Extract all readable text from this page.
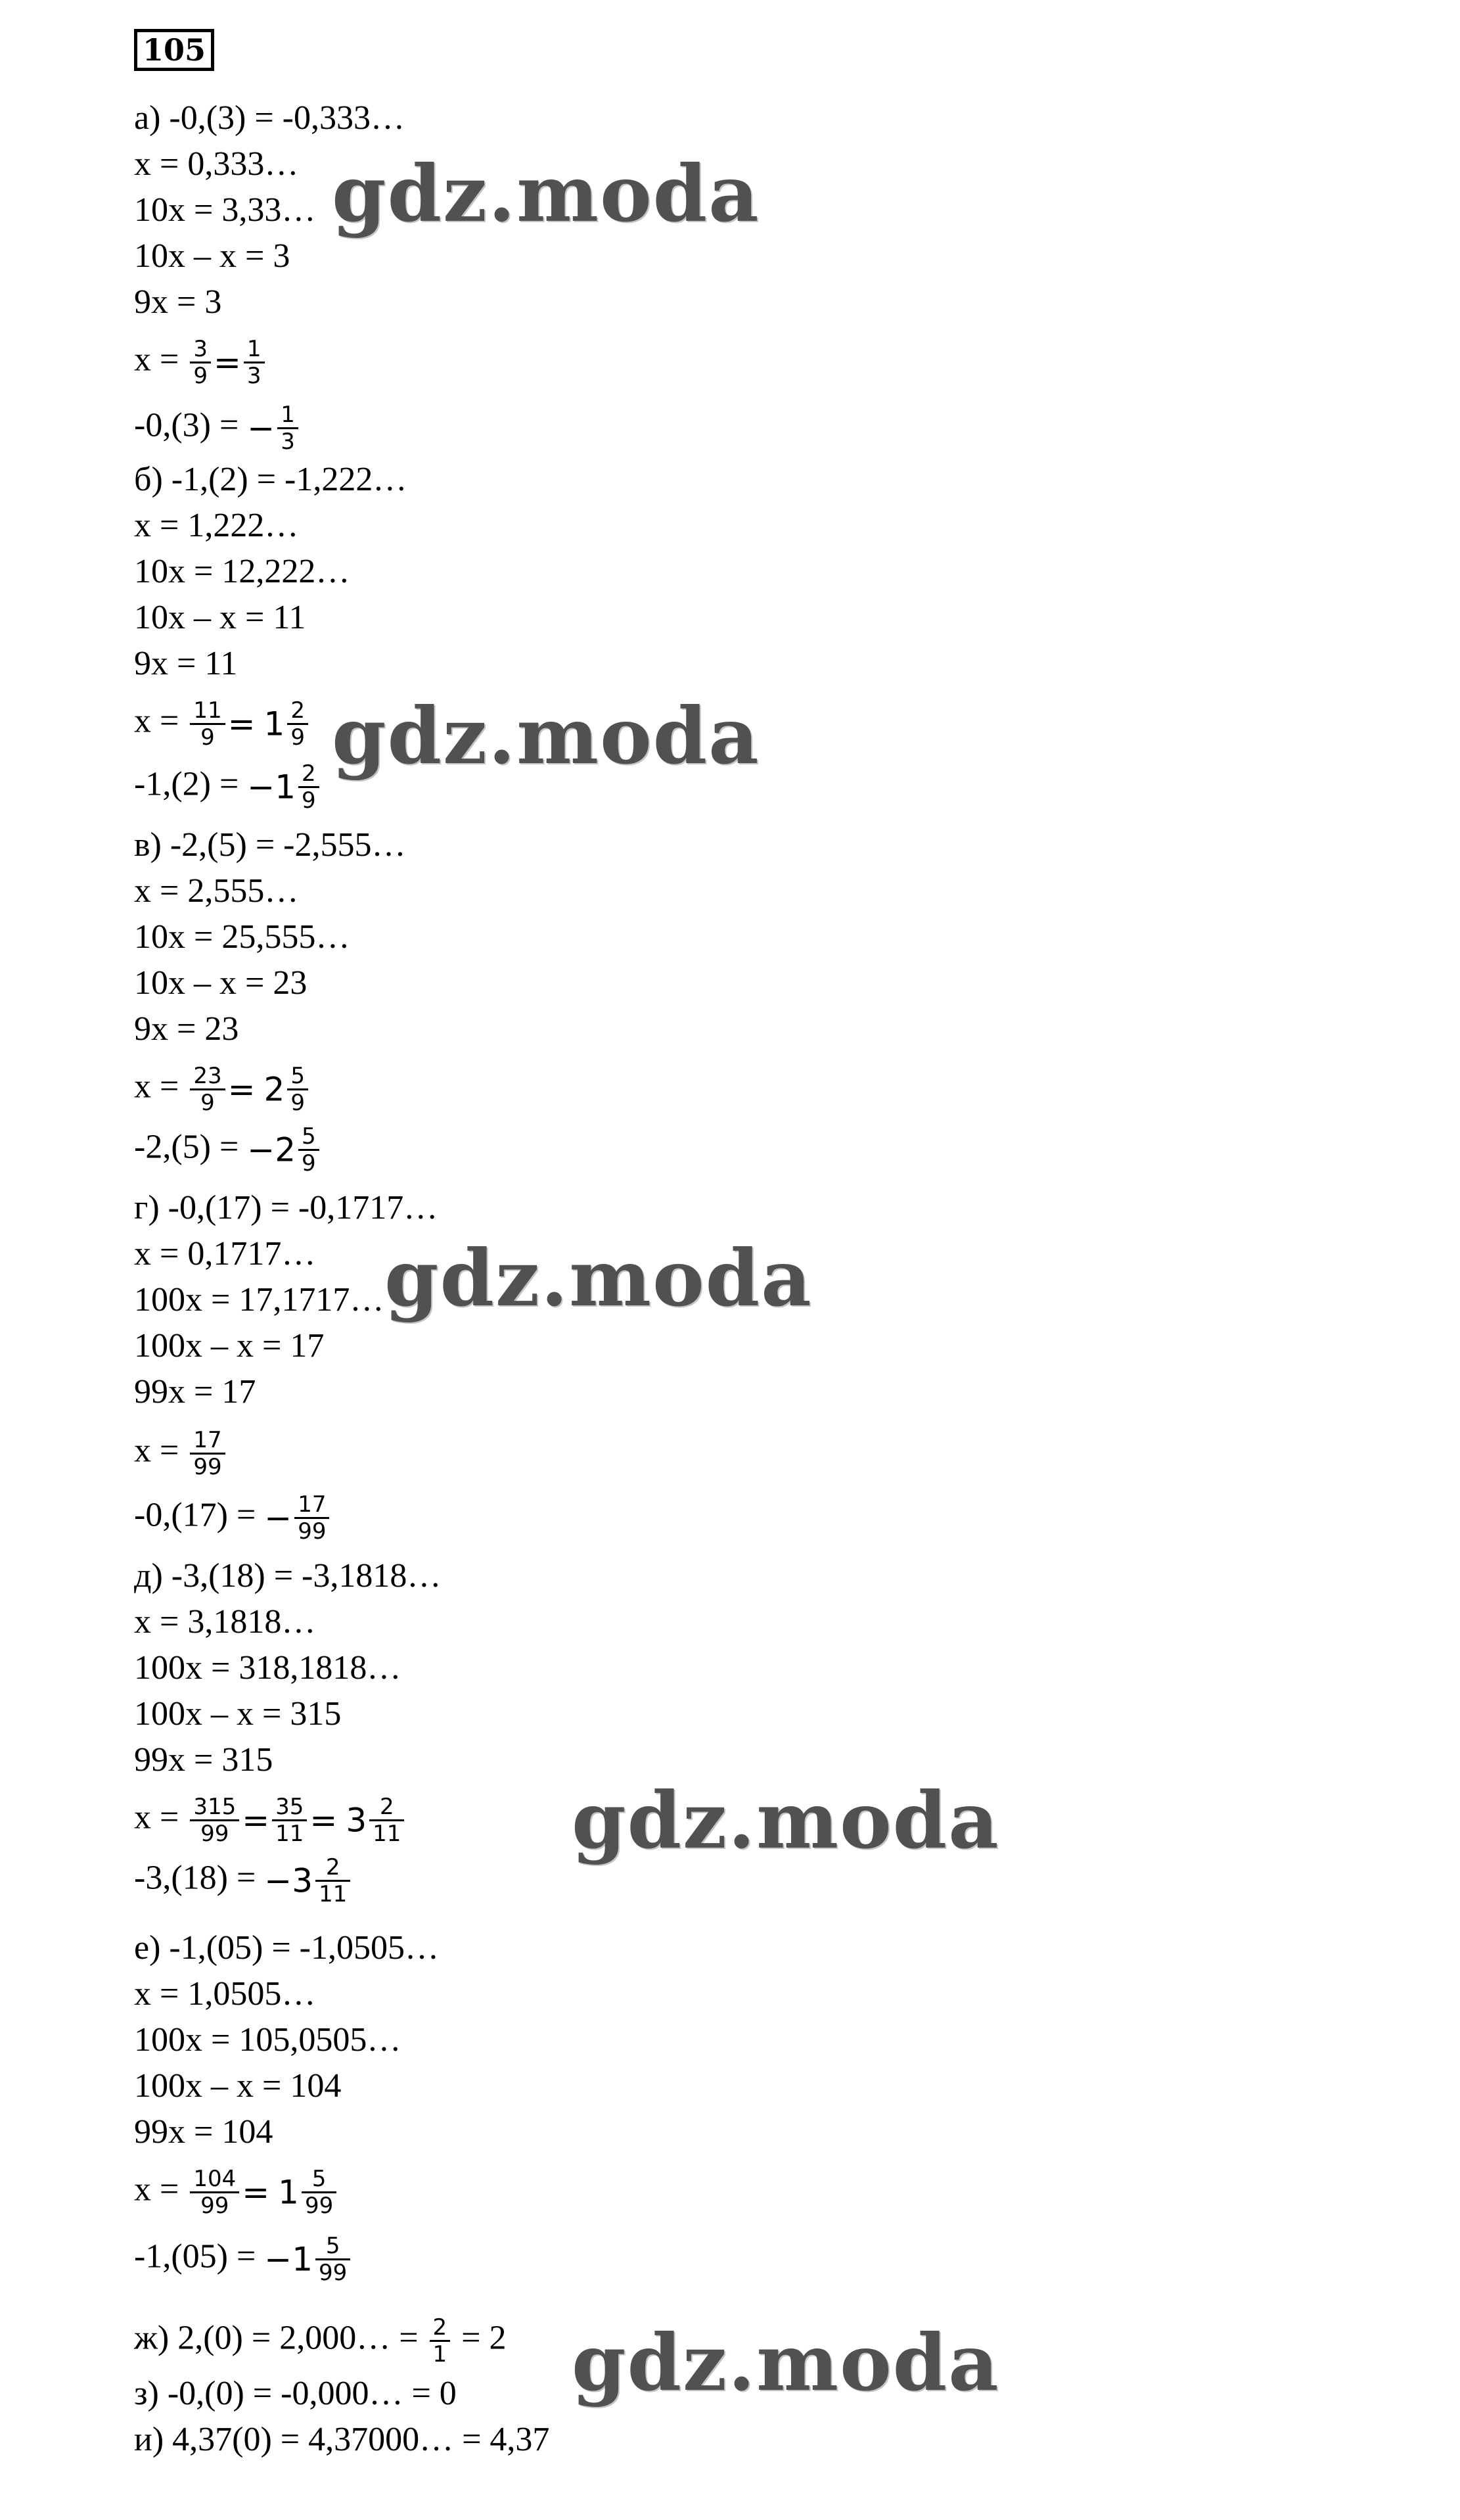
105
а) -0,(3) = -0,333…
x = 0,333…
10x = 3,33…
10x – x = 3
9x = 3
$x = \frac{3}{9} = \frac{1}{3}$
-0,(3) = − $\frac{1}{3}$
б) -1,(2) = -1,222…
x = 1,222…
10x = 12,222…
10x – x = 11
9x = 11
$x = \frac{11}{9} = 1 \frac{2}{9}$
$-1,(2) = -1 \frac{2}{9}$
в) -2,(5) = -2,555…
x = 2,555…
10x = 25,555…
10x – x = 23
9x = 23
$x = \frac{23}{9} = 2 \frac{5}{9}$
$-2,(5) = -2 \frac{5}{9}$
г) -0,(17) = -0,1717…
x = 0,1717…
100x = 17,1717…
100x – x = 17
99x = 17
$x = \frac{17}{99}$
-0,(17) = − $\frac{17}{99}$
д) -3,(18) = -3,1818…
x = 3,1818…
100x = 318,1818…
100x – x = 315
99x = 315
$x = \frac{315}{99} = \frac{35}{11} = 3 \frac{2}{11}$
$-3,(18) = -3 \frac{2}{11}$
е) -1,(05) = -1,0505…
x = 1,0505…
100x = 105,0505…
100x – x = 104
99x = 104
$x = \frac{104}{99} = 1 \frac{5}{99}$
$-1,(05) = -1 \frac{5}{99}$
ж) 2,(0) = 2,000… = $\frac{2}{1} = 2$
з) -0,(0) = -0,000… = 0
и) 4,37(0) = 4,37000… = 4,37
gdz.moda
gdz.moda
gdz.moda
gdz.moda
gdz.moda
